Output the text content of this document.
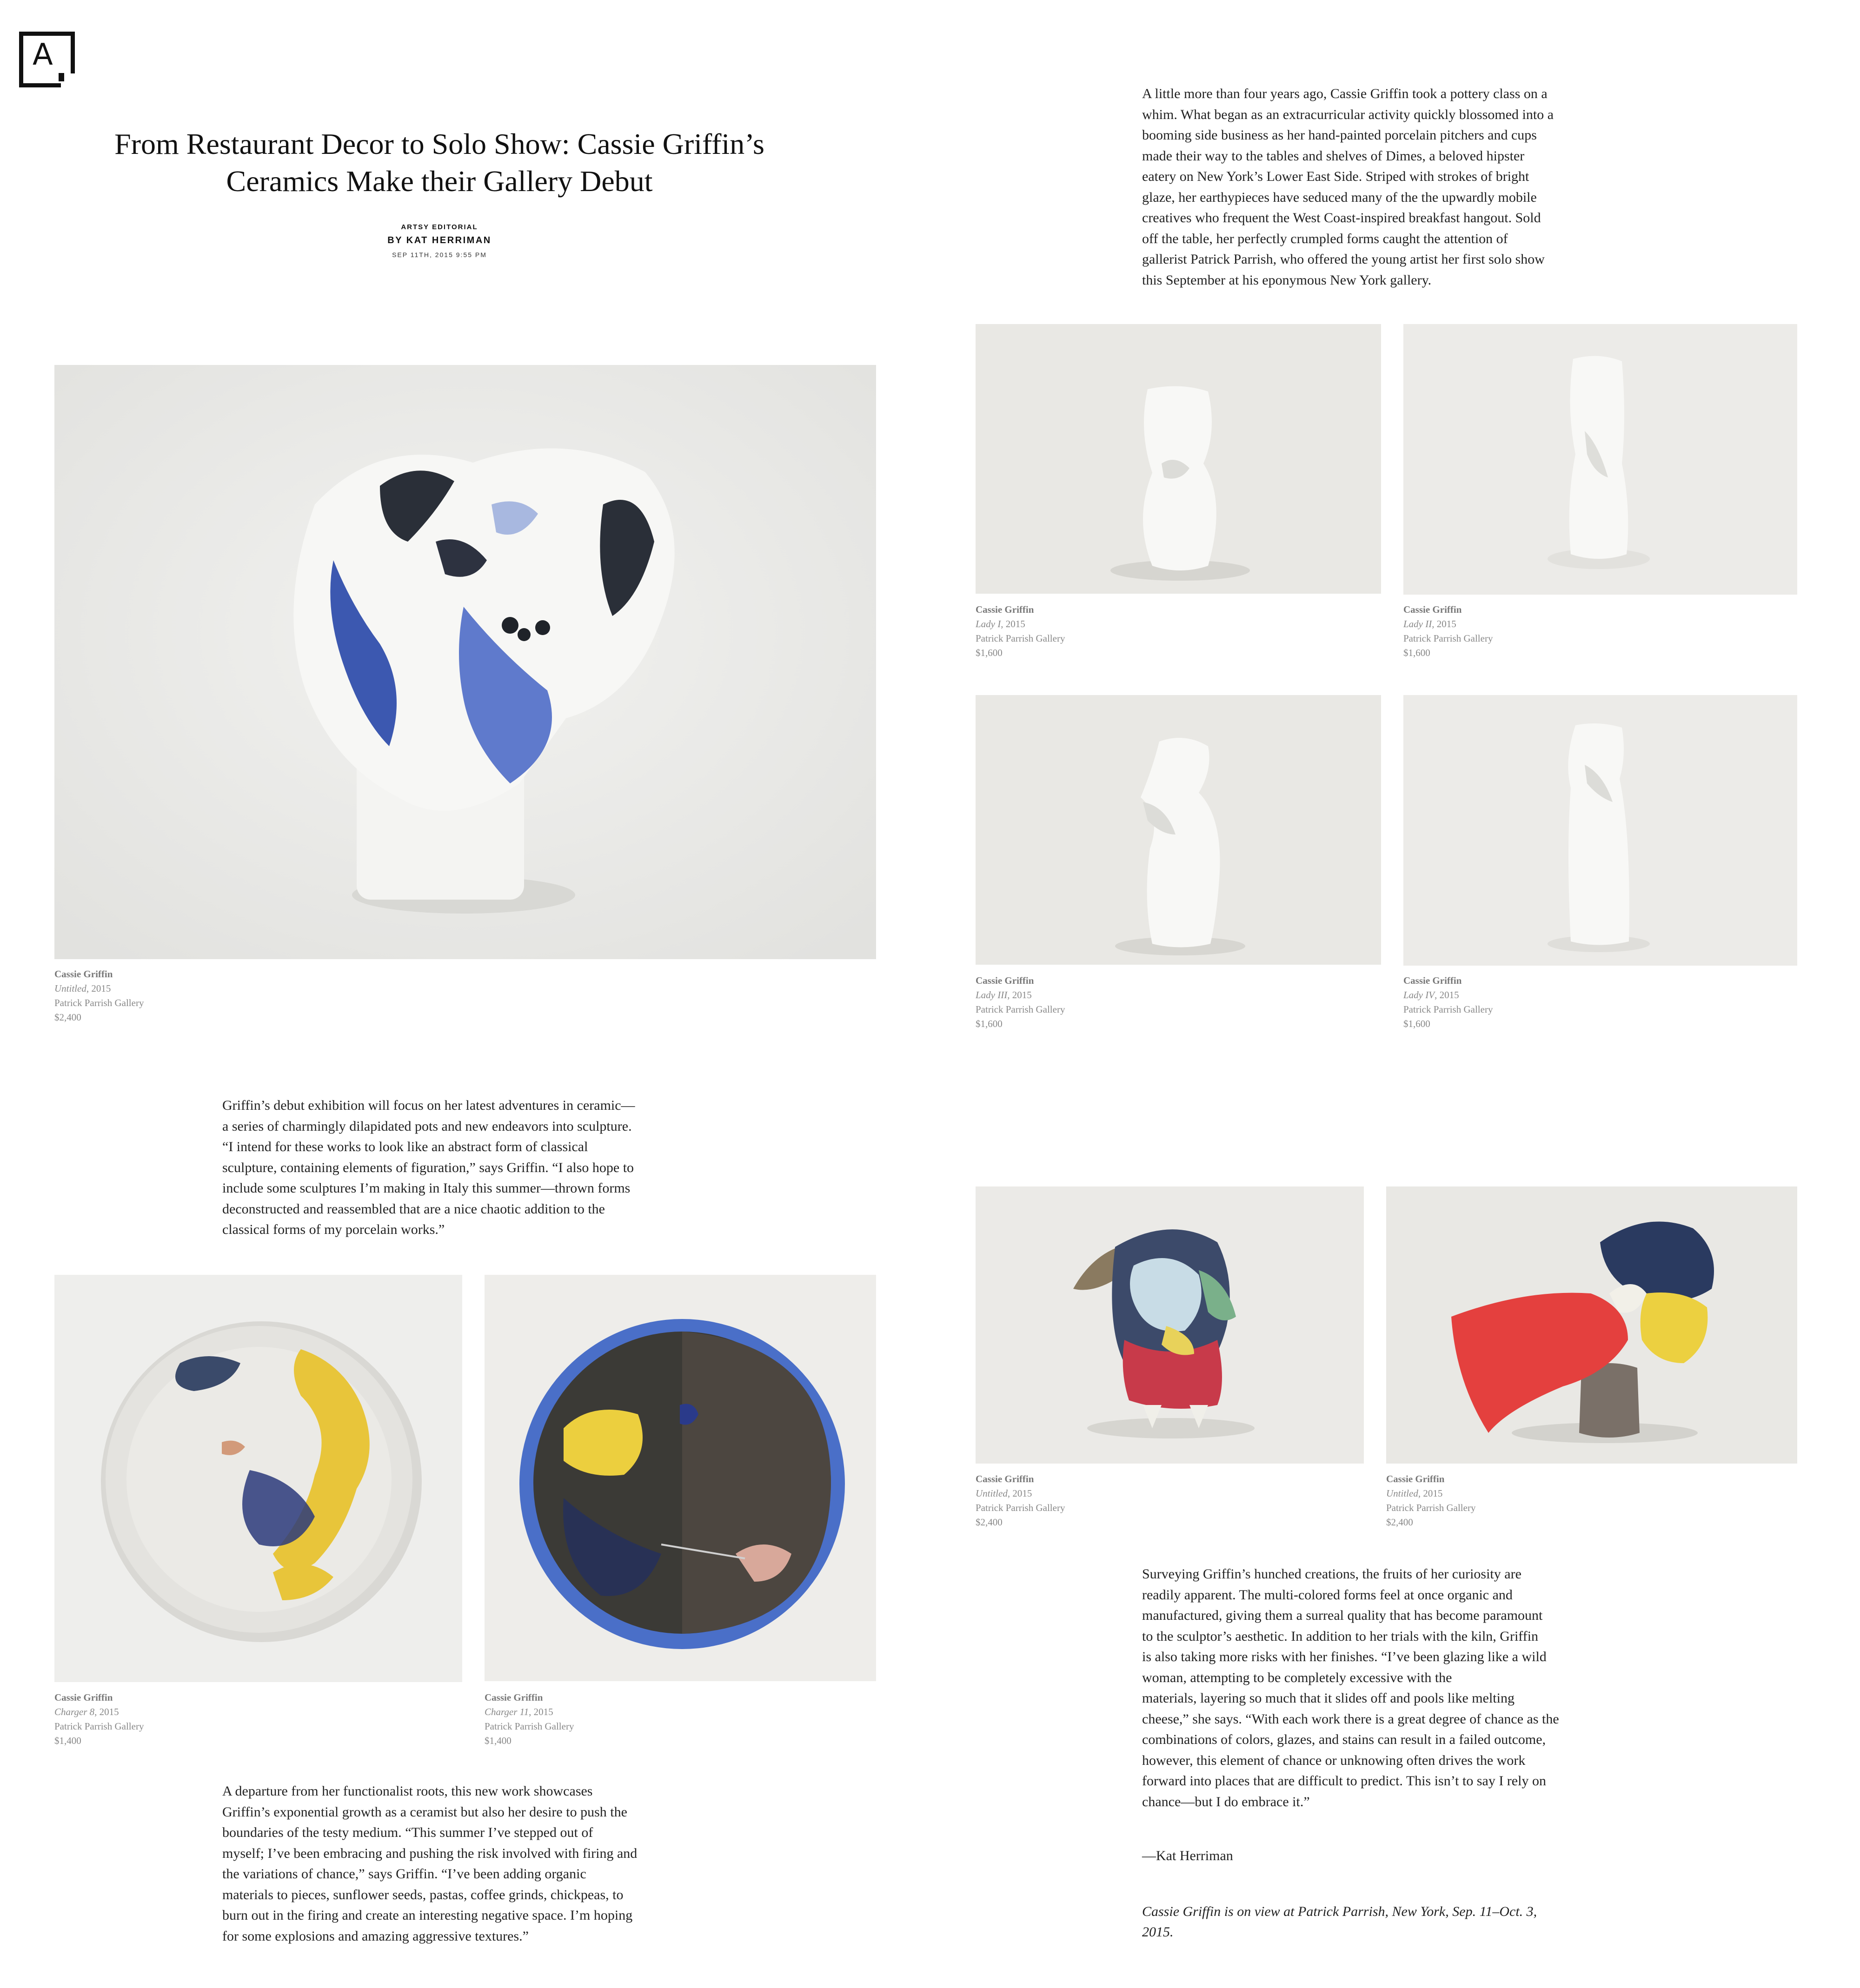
A
From Restaurant Decor to Solo Show: Cassie Griffin’s
Ceramics Make their Gallery Debut
ARTSY EDITORIAL
BY KAT HERRIMAN
SEP 11TH, 2015 9:55 PM

A little more than four years ago, Cassie Griffin took a pottery class on a

whim. What began as an extracurricular activity quickly blossomed into a

booming side business as her hand-painted porcelain pitchers and cups

made their way to the tables and shelves of Dimes, a beloved hipster

eatery on New York’s Lower East Side. Striped with strokes of bright

glaze, her earthypieces have seduced many of the the upwardly mobile

creatives who frequent the West Coast-inspired breakfast hangout. Sold

off the table, her perfectly crumpled forms caught the attention of

gallerist Patrick Parrish, who offered the young artist her first solo show

this September at his eponymous New York gallery.

Cassie Griffin
Untitled, 2015
Patrick Parrish Gallery
$2,400
Cassie Griffin
Lady I, 2015
Patrick Parrish Gallery
$1,600
Cassie Griffin
Lady II, 2015
Patrick Parrish Gallery
$1,600
Cassie Griffin
Lady III, 2015
Patrick Parrish Gallery
$1,600
Cassie Griffin
Lady IV, 2015
Patrick Parrish Gallery
$1,600

Griffin’s debut exhibition will focus on her latest adventures in ceramic—

a series of charmingly dilapidated pots and new endeavors into sculpture.

“I intend for these works to look like an abstract form of classical

sculpture, containing elements of figuration,” says Griffin. “I also hope to

include some sculptures I’m making in Italy this summer—thrown forms

deconstructed and reassembled that are a nice chaotic addition to the

classical forms of my porcelain works.”

Cassie Griffin
Charger 8, 2015
Patrick Parrish Gallery
$1,400
Cassie Griffin
Charger 11, 2015
Patrick Parrish Gallery
$1,400

A departure from her functionalist roots, this new work showcases

Griffin’s exponential growth as a ceramist but also her desire to push the

boundaries of the testy medium. “This summer I’ve stepped out of

myself; I’ve been embracing and pushing the risk involved with firing and

the variations of chance,” says Griffin. “I’ve been adding organic

materials to pieces, sunflower seeds, pastas, coffee grinds, chickpeas, to

burn out in the firing and create an interesting negative space. I’m hoping

for some explosions and amazing aggressive textures.”

Cassie Griffin
Untitled, 2015
Patrick Parrish Gallery
$2,400
Cassie Griffin
Untitled, 2015
Patrick Parrish Gallery
$2,400

Surveying Griffin’s hunched creations, the fruits of her curiosity are

readily apparent. The multi-colored forms feel at once organic and

manufactured, giving them a surreal quality that has become paramount

to the sculptor’s aesthetic. In addition to her trials with the kiln, Griffin

is also taking more risks with her finishes. “I’ve been glazing like a wild

woman, attempting to be completely excessive with the

materials, layering so much that it slides off and pools like melting

cheese,” she says. “With each work there is a great degree of chance as the

combinations of colors, glazes, and stains can result in a failed outcome,

however, this element of chance or unknowing often drives the work

forward into places that are difficult to predict. This isn’t to say I rely on

chance—but I do embrace it.”

—Kat Herriman
Cassie Griffin is on view at Patrick Parrish, New York, Sep. 11–Oct. 3,
2015.
